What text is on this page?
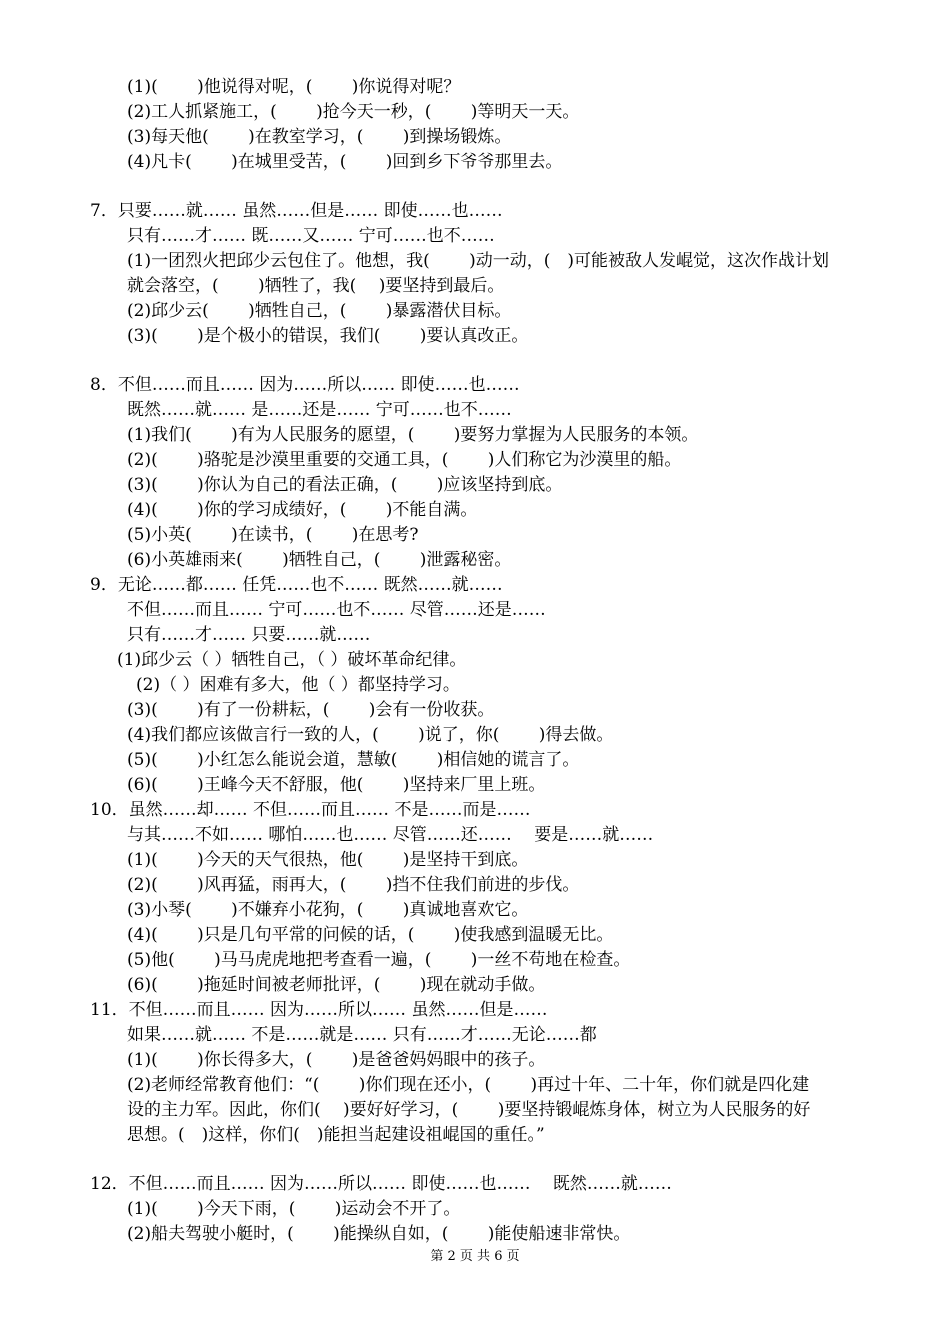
(1)(　　 )他说得对呢，(　　 )你说得对呢？
(2)工人抓紧施工，(　　 )抢今天一秒，(　　 )等明天一天。
(3)每天他(　　 )在教室学习，(　　 )到操场锻炼。
(4)凡卡(　　 )在城里受苦，(　　 )回到乡下爷爷那里去。
7．只要……就…… 虽然……但是…… 即使……也……
只有……才…… 既……又…… 宁可……也不……
(1)一团烈火把邱少云包住了。他想，我(　　 )动一动，(　)可能被敌人发崐觉，这次作战计划
就会落空，(　　 )牺牲了，我(　 )要坚持到最后。
(2)邱少云(　　 )牺牲自己，(　　 )暴露潜伏目标。
(3)(　　 )是个极小的错误，我们(　　 )要认真改正。
8．不但……而且…… 因为……所以…… 即使……也……
既然……就…… 是……还是…… 宁可……也不……
(1)我们(　　 )有为人民服务的愿望，(　　 )要努力掌握为人民服务的本领。
(2)(　　 )骆驼是沙漠里重要的交通工具，(　　 )人们称它为沙漠里的船。
(3)(　　 )你认为自己的看法正确，(　　 )应该坚持到底。
(4)(　　 )你的学习成绩好，(　　 )不能自满。
(5)小英(　　 )在读书，(　　 )在思考?
(6)小英雄雨来(　　 )牺牲自己，(　　 )泄露秘密。
9．无论……都…… 任凭……也不…… 既然……就……
不但……而且…… 宁可……也不…… 尽管……还是……
只有……才…… 只要……就……
(1)邱少云（ ）牺牲自己，（ ）破坏革命纪律。
(2)（ ）困难有多大，他（ ）都坚持学习。
(3)(　　 )有了一份耕耘，(　　 )会有一份收获。
(4)我们都应该做言行一致的人，(　　 )说了，你(　　 )得去做。
(5)(　　 )小红怎么能说会道，慧敏(　　 )相信她的谎言了。
(6)(　　 )王峰今天不舒服，他(　　 )坚持来厂里上班。
10．虽然……却…… 不但……而且…… 不是……而是……
与其……不如…… 哪怕……也…… 尽管……还……　 要是……就……
(1)(　　 )今天的天气很热，他(　　 )是坚持干到底。
(2)(　　 )风再猛，雨再大，(　　 )挡不住我们前进的步伐。
(3)小琴(　　 )不嫌弃小花狗，(　　 )真诚地喜欢它。
(4)(　　 )只是几句平常的问候的话，(　　 )使我感到温暖无比。
(5)他(　　 )马马虎虎地把考查看一遍，(　　 )一丝不苟地在检查。
(6)(　　 )拖延时间被老师批评，(　　 )现在就动手做。
11．不但……而且…… 因为……所以…… 虽然……但是……
如果……就…… 不是……就是…… 只有……才……无论……都
(1)(　　 )你长得多大，(　　 )是爸爸妈妈眼中的孩子。
(2)老师经常教育他们：“(　　 )你们现在还小，(　　 )再过十年、二十年，你们就是四化建
设的主力军。因此，你们(　 )要好好学习，(　　 )要坚持锻崐炼身体，树立为人民服务的好
思想。(　)这样，你们(　)能担当起建设祖崐国的重任。”
12．不但……而且…… 因为……所以…… 即使……也……　 既然……就……
(1)(　　 )今天下雨，(　　 )运动会不开了。
(2)船夫驾驶小艇时，(　　 )能操纵自如，(　　 )能使船速非常快。
第 2 页 共 6 页
